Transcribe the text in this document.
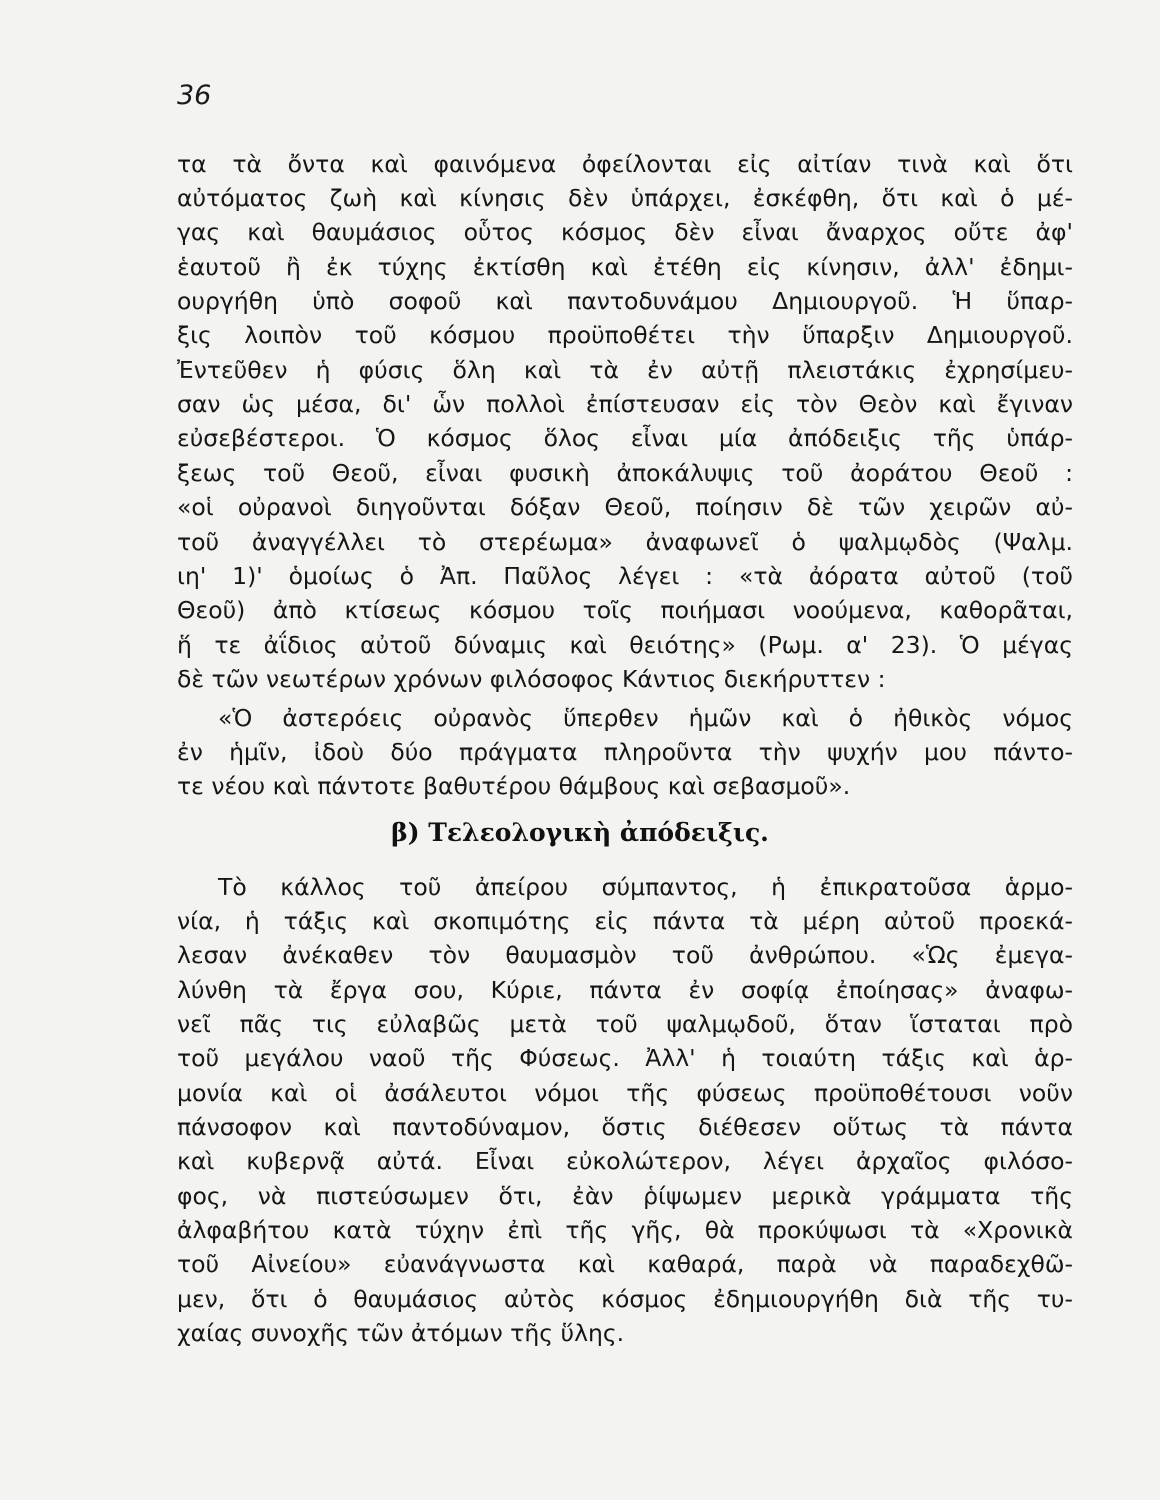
36
τα τὰ ὄντα καὶ φαινόμενα ὀφείλονται εἰς αἰτίαν τινὰ καὶ ὅτι
αὐτόματος ζωὴ καὶ κίνησις δὲν ὑπάρχει, ἐσκέφθη, ὅτι καὶ ὁ μέ-
γας καὶ θαυμάσιος οὗτος κόσμος δὲν εἶναι ἄναρχος οὔτε ἀφ'
ἑαυτοῦ ἢ ἐκ τύχης ἐκτίσθη καὶ ἐτέθη εἰς κίνησιν, ἀλλ' ἐδημι-
ουργήθη ὑπὸ σοφοῦ καὶ παντοδυνάμου Δημιουργοῦ. Ἡ ὕπαρ-
ξις λοιπὸν τοῦ κόσμου προϋποθέτει τὴν ὕπαρξιν Δημιουργοῦ.
Ἐντεῦθεν ἡ φύσις ὅλη καὶ τὰ ἐν αὐτῇ πλειστάκις ἐχρησίμευ-
σαν ὡς μέσα, δι' ὧν πολλοὶ ἐπίστευσαν εἰς τὸν Θεὸν καὶ ἔγιναν
εὐσεβέστεροι. Ὁ κόσμος ὅλος εἶναι μία ἀπόδειξις τῆς ὑπάρ-
ξεως τοῦ Θεοῦ, εἶναι φυσικὴ ἀποκάλυψις τοῦ ἀοράτου Θεοῦ :
«οἱ οὐρανοὶ διηγοῦνται δόξαν Θεοῦ, ποίησιν δὲ τῶν χειρῶν αὐ-
τοῦ ἀναγγέλλει τὸ στερέωμα» ἀναφωνεῖ ὁ ψαλμῳδὸς (Ψαλμ.
ιη' 1)' ὁμοίως ὁ Ἀπ. Παῦλος λέγει : «τὰ ἀόρατα αὐτοῦ (τοῦ
Θεοῦ) ἀπὸ κτίσεως κόσμου τοῖς ποιήμασι νοούμενα, καθορᾶται,
ἥ τε ἀΐδιος αὐτοῦ δύναμις καὶ θειότης» (Ρωμ. α' 23). Ὁ μέγας
δὲ τῶν νεωτέρων χρόνων φιλόσοφος Κάντιος διεκήρυττεν :
«Ὁ ἀστερόεις οὐρανὸς ὕπερθεν ἡμῶν καὶ ὁ ἠθικὸς νόμος
ἐν ἡμῖν, ἰδοὺ δύο πράγματα πληροῦντα τὴν ψυχήν μου πάντο-
τε νέου καὶ πάντοτε βαθυτέρου θάμβους καὶ σεβασμοῦ».
β) Τελεολογικὴ ἀπόδειξις.
Τὸ κάλλος τοῦ ἀπείρου σύμπαντος, ἡ ἐπικρατοῦσα ἁρμο-
νία, ἡ τάξις καὶ σκοπιμότης εἰς πάντα τὰ μέρη αὐτοῦ προεκά-
λεσαν ἀνέκαθεν τὸν θαυμασμὸν τοῦ ἀνθρώπου. «Ὡς ἐμεγα-
λύνθη τὰ ἔργα σου, Κύριε, πάντα ἐν σοφίᾳ ἐποίησας» ἀναφω-
νεῖ πᾶς τις εὐλαβῶς μετὰ τοῦ ψαλμῳδοῦ, ὅταν ἵσταται πρὸ
τοῦ μεγάλου ναοῦ τῆς Φύσεως. Ἀλλ' ἡ τοιαύτη τάξις καὶ ἁρ-
μονία καὶ οἱ ἀσάλευτοι νόμοι τῆς φύσεως προϋποθέτουσι νοῦν
πάνσοφον καὶ παντοδύναμον, ὅστις διέθεσεν οὕτως τὰ πάντα
καὶ κυβερνᾷ αὐτά. Εἶναι εὐκολώτερον, λέγει ἀρχαῖος φιλόσο-
φος, νὰ πιστεύσωμεν ὅτι, ἐὰν ῥίψωμεν μερικὰ γράμματα τῆς
ἀλφαβήτου κατὰ τύχην ἐπὶ τῆς γῆς, θὰ προκύψωσι τὰ «Χρονικὰ
τοῦ Αἰνείου» εὐανάγνωστα καὶ καθαρά, παρὰ νὰ παραδεχθῶ-
μεν, ὅτι ὁ θαυμάσιος αὐτὸς κόσμος ἐδημιουργήθη διὰ τῆς τυ-
χαίας συνοχῆς τῶν ἀτόμων τῆς ὕλης.
